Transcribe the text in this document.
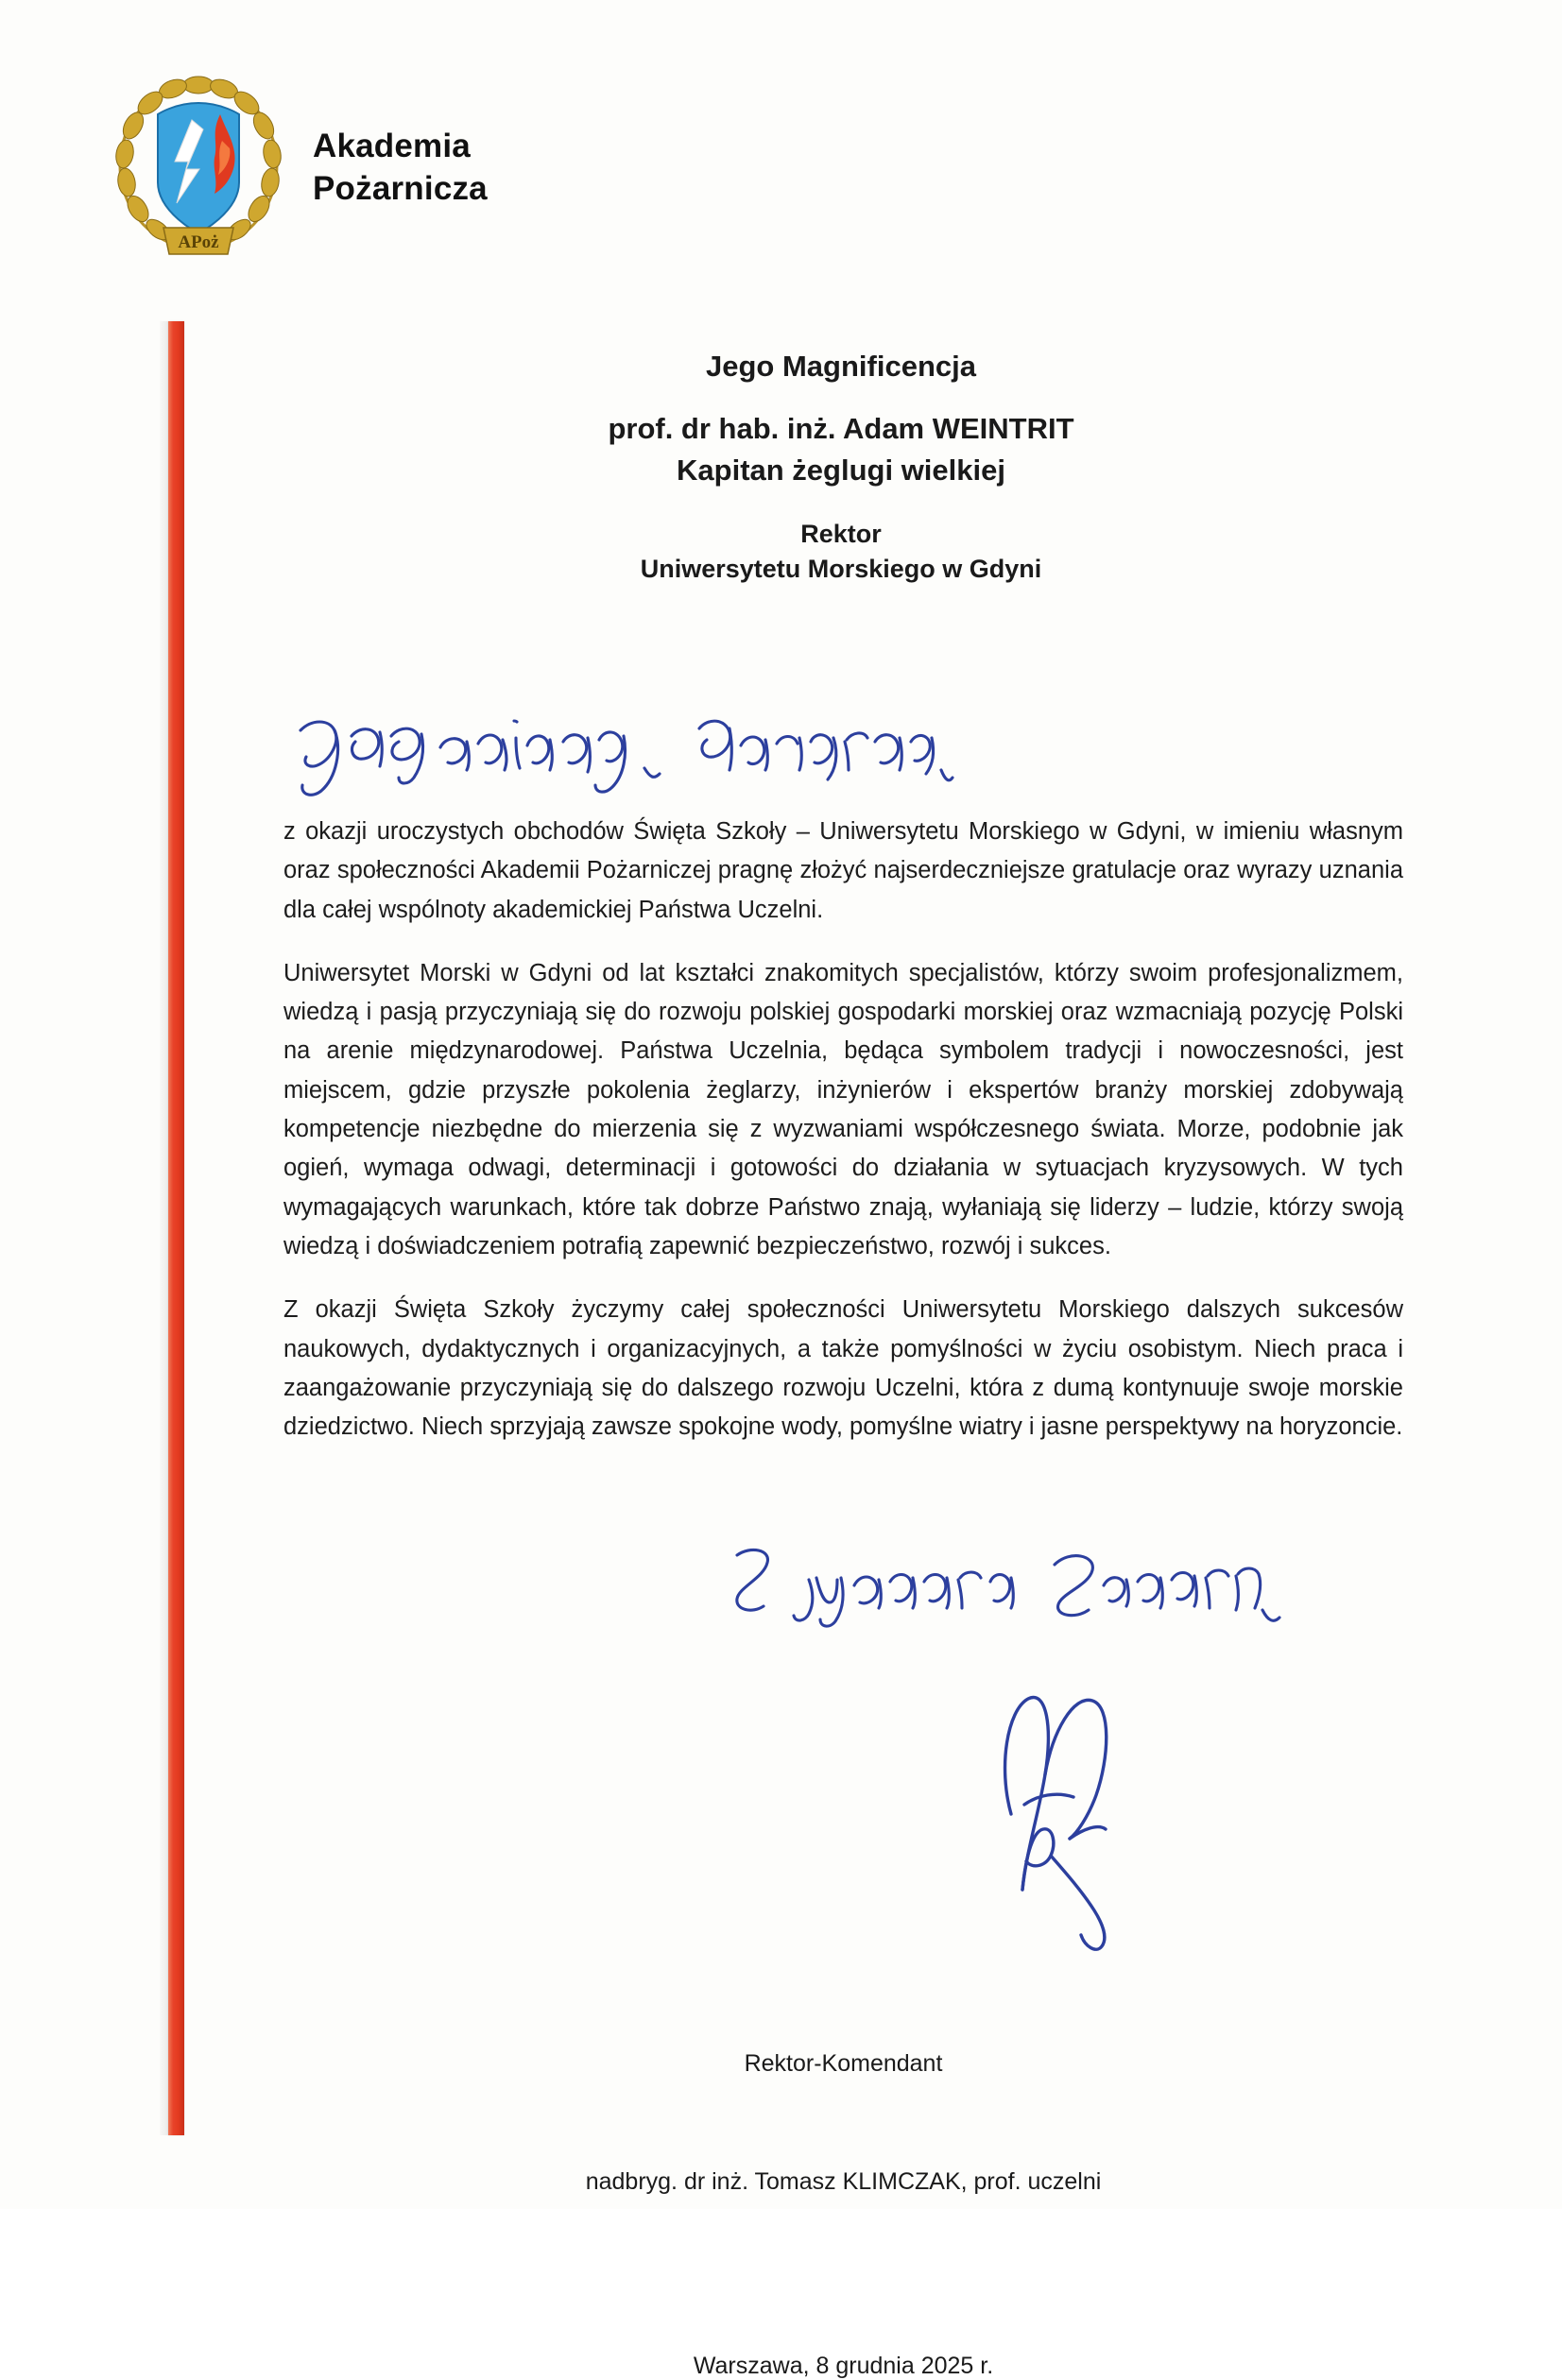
APoż
Akademia
Pożarnicza
Jego Magnificencja
prof. dr hab. inż. Adam WEINTRIT
Kapitan żeglugi wielkiej
Rektor
Uniwersytetu Morskiego w Gdyni

z okazji uroczystych obchodów Święta Szkoły – Uniwersytetu Morskiego w Gdyni, w imieniu własnym oraz społeczności Akademii Pożarniczej pragnę złożyć najserdeczniejsze gratulacje oraz wyrazy uznania dla całej wspólnoty akademickiej Państwa Uczelni.

Uniwersytet Morski w Gdyni od lat kształci znakomitych specjalistów, którzy swoim profesjonalizmem, wiedzą i pasją przyczyniają się do rozwoju polskiej gospodarki morskiej oraz wzmacniają pozycję Polski na arenie międzynarodowej. Państwa Uczelnia, będąca symbolem tradycji i nowoczesności, jest miejscem, gdzie przyszłe pokolenia żeglarzy, inżynierów i ekspertów branży morskiej zdobywają kompetencje niezbędne do mierzenia się z wyzwaniami współczesnego świata. Morze, podobnie jak ogień, wymaga odwagi, determinacji i gotowości do działania w sytuacjach kryzysowych. W tych wymagających warunkach, które tak dobrze Państwo znają, wyłaniają się liderzy – ludzie, którzy swoją wiedzą i doświadczeniem potrafią zapewnić bezpieczeństwo, rozwój i sukces.

Z okazji Święta Szkoły życzymy całej społeczności Uniwersytetu Morskiego dalszych sukcesów naukowych, dydaktycznych i organizacyjnych, a także pomyślności w życiu osobistym. Niech praca i zaangażowanie przyczyniają się do dalszego rozwoju Uczelni, która z dumą kontynuuje swoje morskie dziedzictwo. Niech sprzyjają zawsze spokojne wody, pomyślne wiatry i jasne perspektywy na horyzoncie.

Rektor-Komendant
nadbryg. dr inż. Tomasz KLIMCZAK, prof. uczelni
Warszawa, 8 grudnia 2025 r.
